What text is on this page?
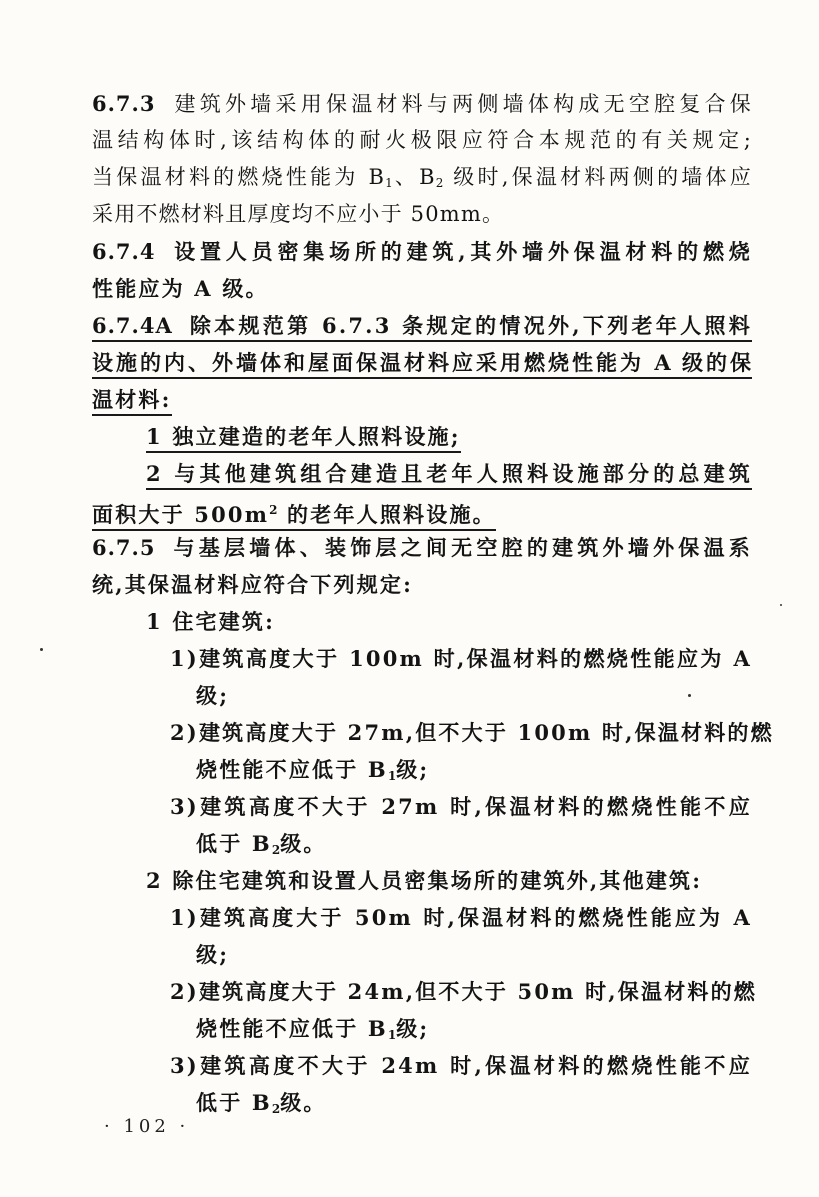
6.7.3 建筑外墙采用保温材料与两侧墙体构成无空腔复合保
温结构体时,该结构体的耐火极限应符合本规范的有关规定;
当保温材料的燃烧性能为 $B_1$、$B_2$ 级时,保温材料两侧的墙体应
采用不燃材料且厚度均不应小于 50mm。
6.7.4 设置人员密集场所的建筑,其外墙外保温材料的燃烧
性能应为 A 级。
6.7.4A 除本规范第 6.7.3 条规定的情况外,下列老年人照料
设施的内、外墙体和屋面保温材料应采用燃烧性能为 A 级的保
温材料:
1 独立建造的老年人照料设施;
2 与其他建筑组合建造且老年人照料设施部分的总建筑
面积大于 $500m^2$ 的老年人照料设施。
6.7.5 与基层墙体、装饰层之间无空腔的建筑外墙外保温系
统,其保温材料应符合下列规定:
1 住宅建筑:
1)建筑高度大于 100m 时,保温材料的燃烧性能应为 A
级;
2)建筑高度大于 27m,但不大于 100m 时,保温材料的燃
烧性能不应低于 $B_1$级;
3)建筑高度不大于 27m 时,保温材料的燃烧性能不应
低于 $B_2$级。
2 除住宅建筑和设置人员密集场所的建筑外,其他建筑:
1)建筑高度大于 50m 时,保温材料的燃烧性能应为 A
级;
2)建筑高度大于 24m,但不大于 50m 时,保温材料的燃
烧性能不应低于 $B_1$级;
3)建筑高度不大于 24m 时,保温材料的燃烧性能不应
低于 $B_2$级。
· 102 ·
